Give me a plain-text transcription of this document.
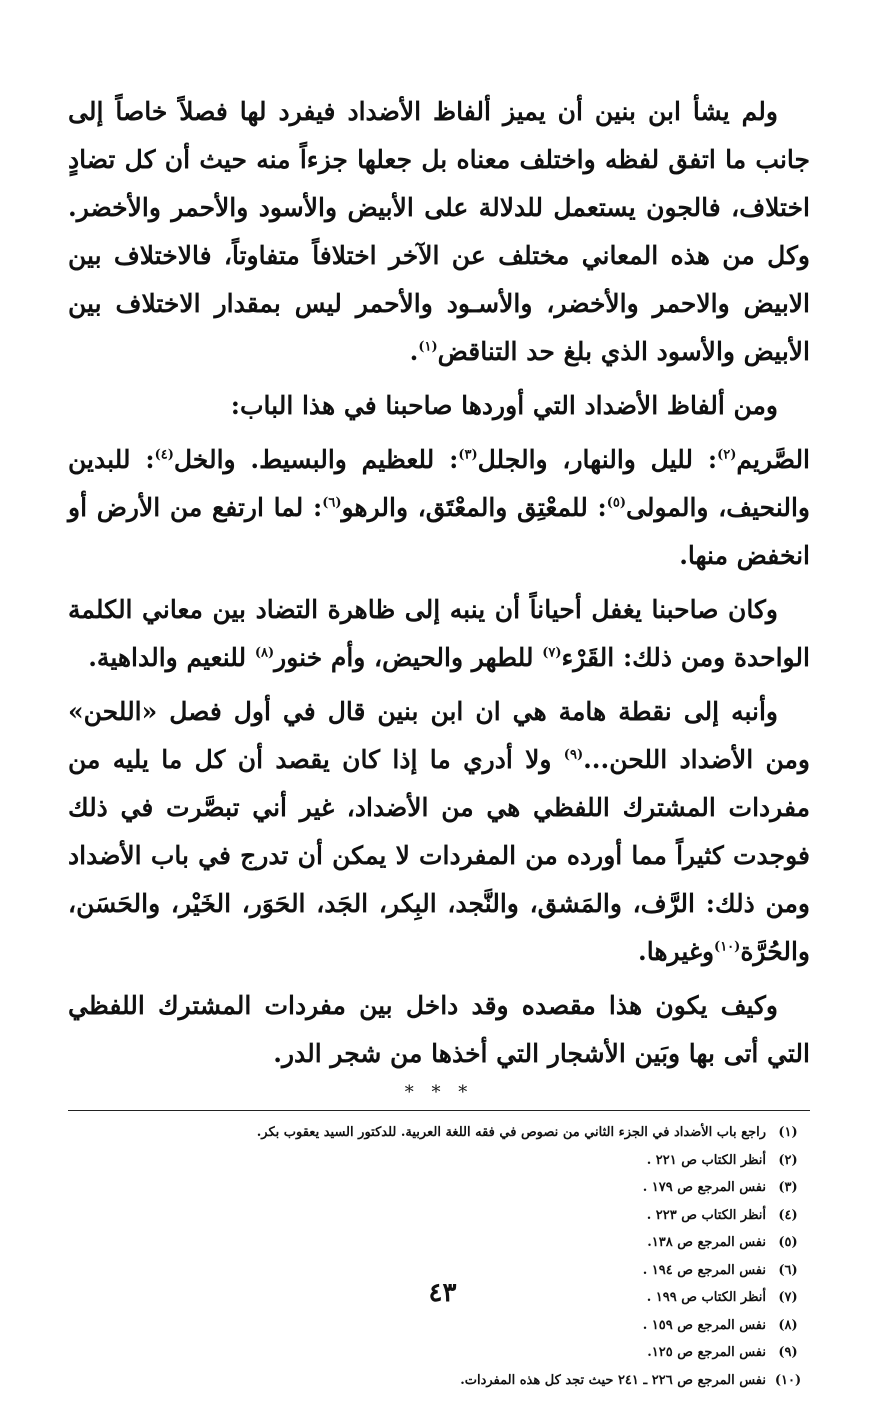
ولم يشأ ابن بنين أن يميز ألفاظ الأضداد فيفرد لها فصلاً خاصاً إلى جانب ما اتفق لفظه واختلف معناه بل جعلها جزءاً منه حيث أن كل تضادٍ اختلاف، فالجون يستعمل للدلالة على الأبيض والأسود والأحمر والأخضر. وكل من هذه المعاني مختلف عن الآخر اختلافاً متفاوتاً، فالاختلاف بين الابيض والاحمر والأخضر، والأسـود والأحمر ليس بمقدار الاختلاف بين الأبيض والأسود الذي بلغ حد التناقض$^{(١)}$.

ومن ألفاظ الأضداد التي أوردها صاحبنا في هذا الباب:

الصَّريم$^{(٢)}$: لليل والنهار، والجلل$^{(٣)}$: للعظيم والبسيط. والخل$^{(٤)}$: للبدين والنحيف، والمولى$^{(٥)}$: للمعْتِق والمعْتَق، والرهو$^{(٦)}$: لما ارتفع من الأرض أو انخفض منها.

وكان صاحبنا يغفل أحياناً أن ينبه إلى ظاهرة التضاد بين معاني الكلمة الواحدة ومن ذلك: القَرْء$^{(٧)}$ للطهر والحيض، وأم خنور$^{(٨)}$ للنعيم والداهية.

وأنبه إلى نقطة هامة هي ان ابن بنين قال في أول فصل «اللحن» ومن الأضداد اللحن...$^{(٩)}$ ولا أدري ما إذا كان يقصد أن كل ما يليه من مفردات المشترك اللفظي هي من الأضداد، غير أني تبصَّرت في ذلك فوجدت كثيراً مما أورده من المفردات لا يمكن أن تدرج في باب الأضداد ومن ذلك: الرَّف، والمَشق، والنَّجد، البِكر، الجَد، الحَوَر، الخَيْر، والحَسَن، والحُرَّة$^{(١٠)}$وغيرها.

وكيف يكون هذا مقصده وقد داخل بين مفردات المشترك اللفظي التي أتى بها وبَين الأشجار التي أخذها من شجر الدر.

* * *
(١)
راجع باب الأضداد في الجزء الثاني من نصوص في فقه اللغة العربية. للدكتور السيد يعقوب بكر.
(٢)
أنظر الكتاب ص ٢٢١ .
(٣)
نفس المرجع ص ١٧٩ .
(٤)
أنظر الكتاب ص ٢٢٣ .
(٥)
نفس المرجع ص ١٣٨.
(٦)
نفس المرجع ص ١٩٤ .
(٧)
أنظر الكتاب ص ١٩٩ .
(٨)
نفس المرجع ص ١٥٩ .
(٩)
نفس المرجع ص ١٢٥.
(١٠)
نفس المرجع ص ٢٢٦ ـ ٢٤١ حيث تجد كل هذه المفردات.
٤٣
